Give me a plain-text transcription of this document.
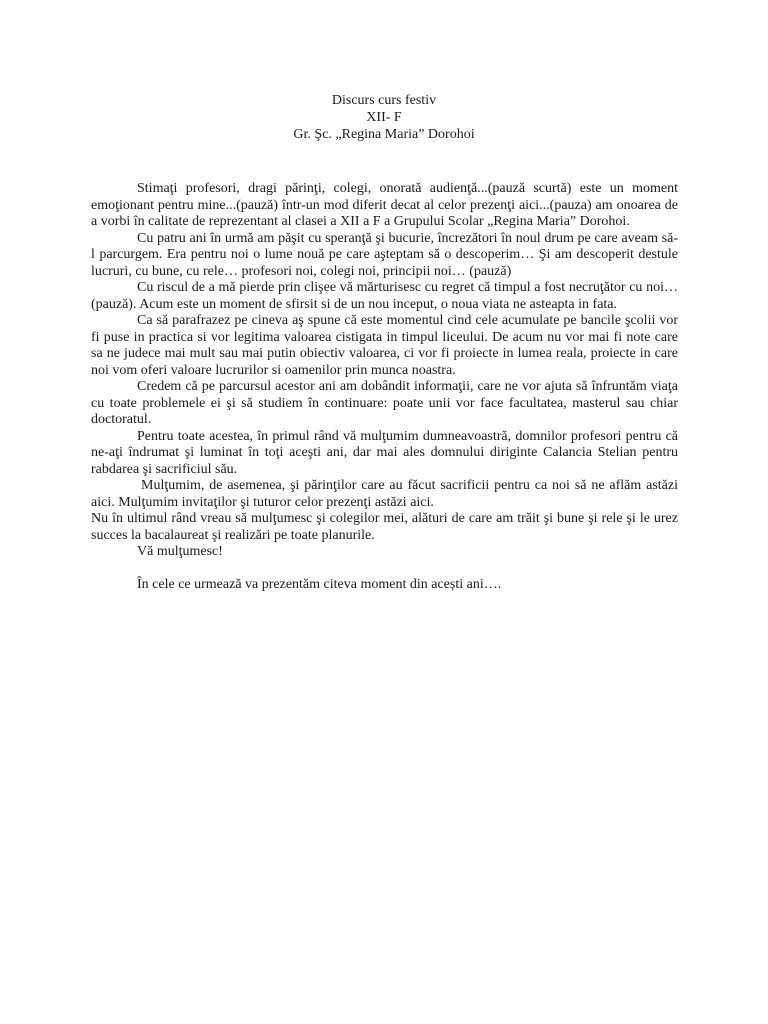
Discurs curs festiv
XII- F
Gr. Şc. „Regina Maria” Dorohoi

Stimaţi profesori, dragi părinţi, colegi, onorată audienţă...(pauză scurtă) este un moment emoţionant pentru mine...(pauză) într-un mod diferit decat al celor prezenţi aici...(pauza) am onoarea de a vorbi în calitate de reprezentant al clasei a XII a F a Grupului Scolar „Regina Maria” Dorohoi.

Cu patru ani în urmă am păşit cu speranţă şi bucurie, încrezători în noul drum pe care aveam să-l parcurgem. Era pentru noi o lume nouă pe care aşteptam să o descoperim… Şi am descoperit destule lucruri, cu bune, cu rele… profesori noi, colegi noi, principii noi… (pauză)

Cu riscul de a mă pierde prin clişee vă mărturisesc cu regret că timpul a fost necruţător cu noi… (pauză). Acum este un moment de sfirsit si de un nou inceput, o noua viata ne asteapta in fata.

Ca să parafrazez pe cineva aş spune că este momentul cind cele acumulate pe bancile şcolii vor fi puse in practica si vor legitima valoarea cistigata in timpul liceului. De acum nu vor mai fi note care sa ne judece mai mult sau mai putin obiectiv valoarea, ci vor fi proiecte in lumea reala, proiecte in care noi vom oferi valoare lucrurilor si oamenilor prin munca noastra.

Credem că pe parcursul acestor ani am dobândit informaţii, care ne vor ajuta să înfruntăm viaţa cu toate problemele ei şi să studiem în continuare: poate unii vor face facultatea, masterul sau chiar doctoratul.

Pentru toate acestea, în primul rând vă mulţumim dumneavoastră, domnilor profesori pentru că ne-aţi îndrumat şi luminat în toţi aceşti ani, dar mai ales domnului diriginte Calancia Stelian pentru rabdarea şi sacrificiul său.

Mulţumim, de asemenea, şi părinţilor care au făcut sacrificii pentru ca noi să ne aflăm astăzi aici. Mulţumim invitaţilor şi tuturor celor prezenţi astăzi aici.

Nu în ultimul rând vreau să mulţumesc şi colegilor mei, alături de care am trăit şi bune şi rele şi le urez succes la bacalaureat şi realizări pe toate planurile.

Vă mulţumesc!

În cele ce urmează va prezentăm citeva moment din acești ani….
